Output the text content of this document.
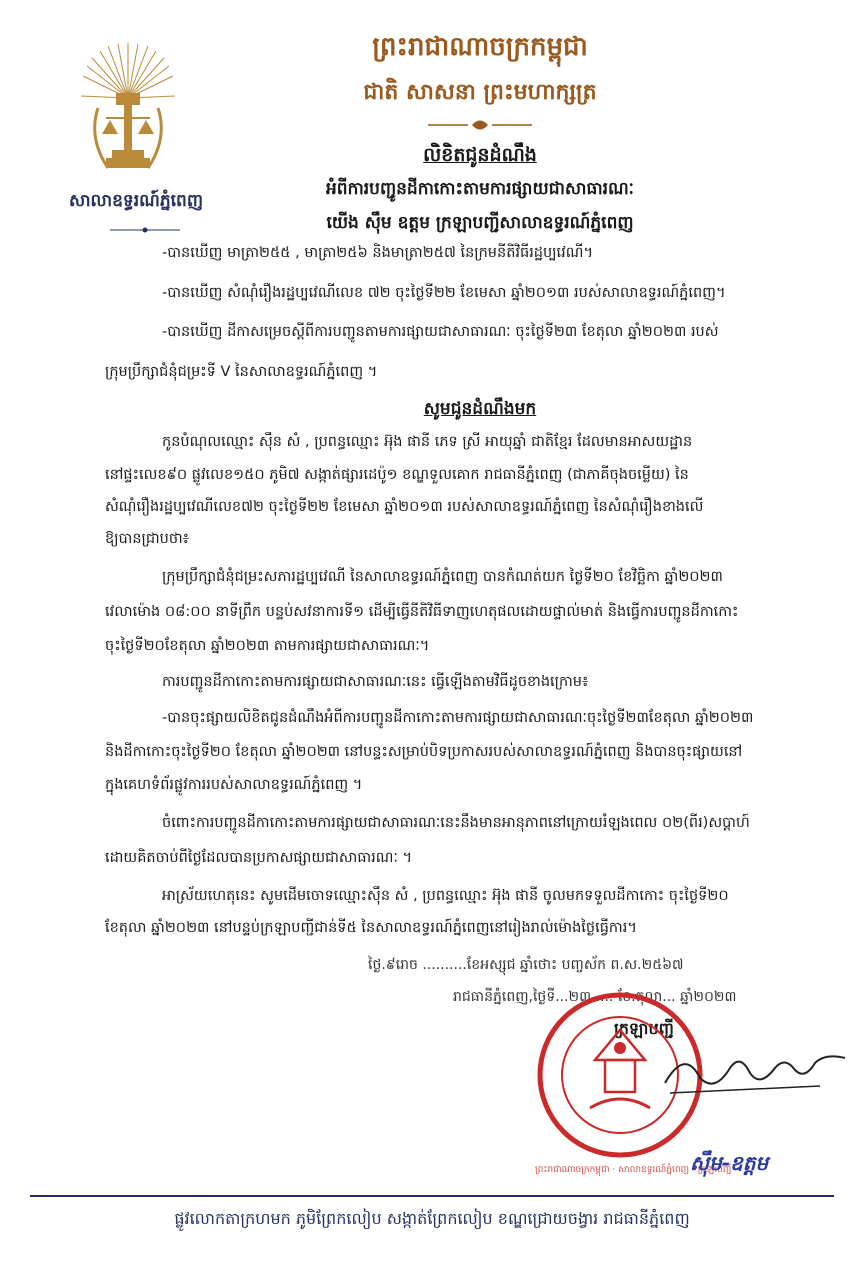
សាលាឧទ្ធរណ៍ភ្នំពេញ
ព្រះរាជាណាចក្រកម្ពុជា
ជាតិ សាសនា ព្រះមហាក្សត្រ
លិខិតជូនដំណឹង
អំពីការបញ្ជូនដីកាកោះតាមការផ្សាយជាសាធារណៈ
យើង ស៊ឹម ឧត្តម ក្រឡាបញ្ជីសាលាឧទ្ធរណ៍ភ្នំពេញ
-បានឃើញ មាត្រា២៥៥ , មាត្រា២៥៦ និងមាត្រា២៥៧ នៃក្រមនីតិវិធីរដ្ឋប្បវេណី។
-បានឃើញ សំណុំរឿងរដ្ឋប្បវេណីលេខ ៧២ ចុះថ្ងៃទី២២ ខែមេសា ឆ្នាំ២០១៣ របស់សាលាឧទ្ធរណ៍ភ្នំពេញ។
-បានឃើញ ដីកាសម្រេចស្តីពីការបញ្ជូនតាមការផ្សាយជាសាធារណៈ ចុះថ្ងៃទី២៣ ខែតុលា ឆ្នាំ២០២៣ របស់
ក្រុមប្រឹក្សាជំនុំជម្រះទី V នៃសាលាឧទ្ធរណ៍ភ្នំពេញ ។
សូមជូនដំណឹងមក
កូនបំណុលឈ្មោះ ស៊ឹន សំ , ប្រពន្ធឈ្មោះ អ៊ុង ផានី ភេទ ស្រី អាយុឆ្នាំ ជាតិខ្មែរ ដែលមានអាសយដ្ឋាន
នៅផ្ទះលេខ៩០ ផ្លូវលេខ១៥០ ភូមិ៧ សង្កាត់ផ្សារដេប៉ូ១ ខណ្ឌទួលគោក រាជធានីភ្នំពេញ (ជាភាគីចុងចម្លើយ) នៃ
សំណុំរឿងរដ្ឋប្បវេណីលេខ៧២ ចុះថ្ងៃទី២២ ខែមេសា ឆ្នាំ២០១៣ របស់សាលាឧទ្ធរណ៍ភ្នំពេញ នៃសំណុំរឿងខាងលើ
ឱ្យបានជ្រាបថា៖
ក្រុមប្រឹក្សាជំនុំជម្រះសភារដ្ឋប្បវេណី នៃសាលាឧទ្ធរណ៍ភ្នំពេញ បានកំណត់យក ថ្ងៃទី២០ ខែវិច្ឆិកា ឆ្នាំ២០២៣
វេលាម៉ោង ០៨:០០ នាទីព្រឹក បន្ទប់សវនាការទី១ ដើម្បីធ្វើនីតិវិធីទាញហេតុផលដោយផ្ទាល់មាត់ និងធ្វើការបញ្ជូនដីកាកោះ
ចុះថ្ងៃទី២០ខែតុលា ឆ្នាំ២០២៣ តាមការផ្សាយជាសាធារណៈ។
ការបញ្ជូនដីកាកោះតាមការផ្សាយជាសាធារណៈនេះ ធ្វើឡើងតាមវិធីដូចខាងក្រោម៖
-បានចុះផ្សាយលិខិតជូនដំណឹងអំពីការបញ្ជូនដីកាកោះតាមការផ្សាយជាសាធារណៈចុះថ្ងៃទី២៣ខែតុលា ឆ្នាំ២០២៣
និងដីកាកោះចុះថ្ងៃទី២០ ខែតុលា ឆ្នាំ២០២៣ នៅបន្ទះសម្រាប់បិទប្រកាសរបស់សាលាឧទ្ធរណ៍ភ្នំពេញ និងបានចុះផ្សាយនៅ
ក្នុងគេហទំព័រផ្លូវការរបស់សាលាឧទ្ធរណ៍ភ្នំពេញ ។
ចំពោះការបញ្ជូនដីកាកោះតាមការផ្សាយជាសាធារណៈនេះនឹងមានអានុភាពនៅក្រោយរំឡងពេល ០២(ពីរ)សប្តាហ៍
ដោយគិតចាប់ពីថ្ងៃដែលបានប្រកាសផ្សាយជាសាធារណៈ ។
អាស្រ័យហេតុនេះ សូមដើមចោទឈ្មោះស៊ឹន សំ , ប្រពន្ធឈ្មោះ អ៊ុង ផានី ចូលមកទទួលដីកាកោះ ចុះថ្ងៃទី២០
ខែតុលា ឆ្នាំ២០២៣ នៅបន្ទប់ក្រឡាបញ្ជីជាន់ទី៥ នៃសាលាឧទ្ធរណ៍ភ្នំពេញនៅរៀងរាល់ម៉ោងថ្ងៃធ្វើការ។
ថ្ងៃ.៩រោច ..........ខែអស្សុជ ឆ្នាំថោះ បញ្ចស័ក ព.ស.២៥៦៧
រាជធានីភ្នំពេញ,ថ្ងៃទី...២៣..... ខែ.តុលា... ឆ្នាំ២០២៣
ក្រឡាបញ្ជី
ព្រះរាជាណាចក្រកម្ពុជា · សាលាឧទ្ធរណ៍ភ្នំពេញ · ក្រឡាបញ្ជី
ស៊ឹម-ឧត្តម
ផ្លូវលោកតាក្រហមក ភូមិព្រែកលៀប សង្កាត់ព្រែកលៀប ខណ្ឌជ្រោយចង្វារ រាជធានីភ្នំពេញ
